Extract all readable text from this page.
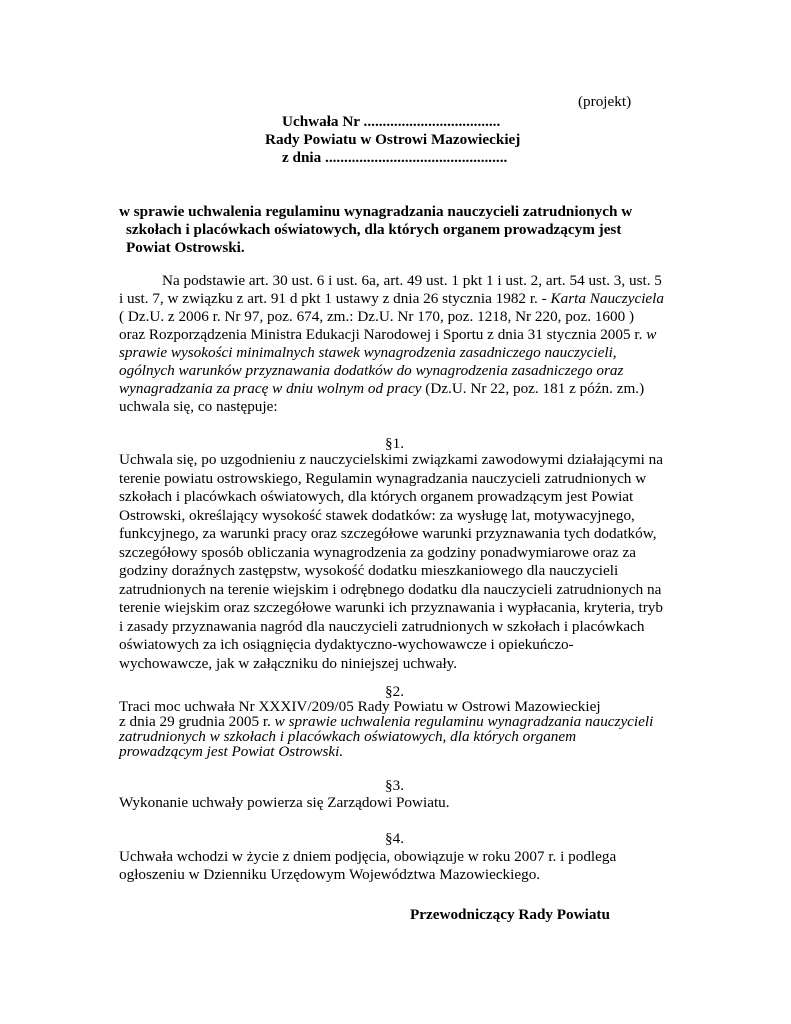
(projekt)
Uchwała Nr ....................................
Rady Powiatu w Ostrowi Mazowieckiej
z dnia ................................................
w sprawie uchwalenia regulaminu wynagradzania nauczycieli zatrudnionych w
szkołach i placówkach oświatowych, dla których organem prowadzącym jest
Powiat Ostrowski.
Na podstawie art. 30 ust. 6 i ust. 6a, art. 49 ust. 1 pkt 1 i ust. 2, art. 54 ust. 3, ust. 5
i ust. 7, w związku z art. 91 d pkt 1 ustawy z dnia 26 stycznia 1982 r. - Karta Nauczyciela
( Dz.U. z 2006 r. Nr 97, poz. 674, zm.: Dz.U. Nr 170, poz. 1218, Nr 220, poz. 1600 )
oraz Rozporządzenia Ministra Edukacji Narodowej i Sportu z dnia 31 stycznia 2005 r. w
sprawie wysokości minimalnych stawek wynagrodzenia zasadniczego nauczycieli,
ogólnych warunków przyznawania dodatków do wynagrodzenia zasadniczego oraz
wynagradzania za pracę w dniu wolnym od pracy (Dz.U. Nr 22, poz. 181 z późn. zm.)
uchwala się, co następuje:
§1.
Uchwala się, po uzgodnieniu z nauczycielskimi związkami zawodowymi działającymi na
terenie powiatu ostrowskiego, Regulamin wynagradzania nauczycieli zatrudnionych w
szkołach i placówkach oświatowych, dla których organem prowadzącym jest Powiat
Ostrowski, określający wysokość stawek dodatków: za wysługę lat, motywacyjnego,
funkcyjnego, za warunki pracy oraz szczegółowe warunki przyznawania tych dodatków,
szczegółowy sposób obliczania wynagrodzenia za godziny ponadwymiarowe oraz za
godziny doraźnych zastępstw, wysokość dodatku mieszkaniowego dla nauczycieli
zatrudnionych na terenie wiejskim i odrębnego dodatku dla nauczycieli zatrudnionych na
terenie wiejskim oraz szczegółowe warunki ich przyznawania i wypłacania, kryteria, tryb
i zasady przyznawania nagród dla nauczycieli zatrudnionych w szkołach i placówkach
oświatowych za ich osiągnięcia dydaktyczno-wychowawcze i opiekuńczo-
wychowawcze, jak w załączniku do niniejszej uchwały.
§2.
Traci moc uchwała Nr XXXIV/209/05 Rady Powiatu w Ostrowi Mazowieckiej
z dnia 29 grudnia 2005 r. w sprawie uchwalenia regulaminu wynagradzania nauczycieli
zatrudnionych w szkołach i placówkach oświatowych, dla których organem
prowadzącym jest Powiat Ostrowski.
§3.
Wykonanie uchwały powierza się Zarządowi Powiatu.
§4.
Uchwała wchodzi w życie z dniem podjęcia, obowiązuje w roku 2007 r. i podlega
ogłoszeniu w Dzienniku Urzędowym Województwa Mazowieckiego.
Przewodniczący Rady Powiatu
